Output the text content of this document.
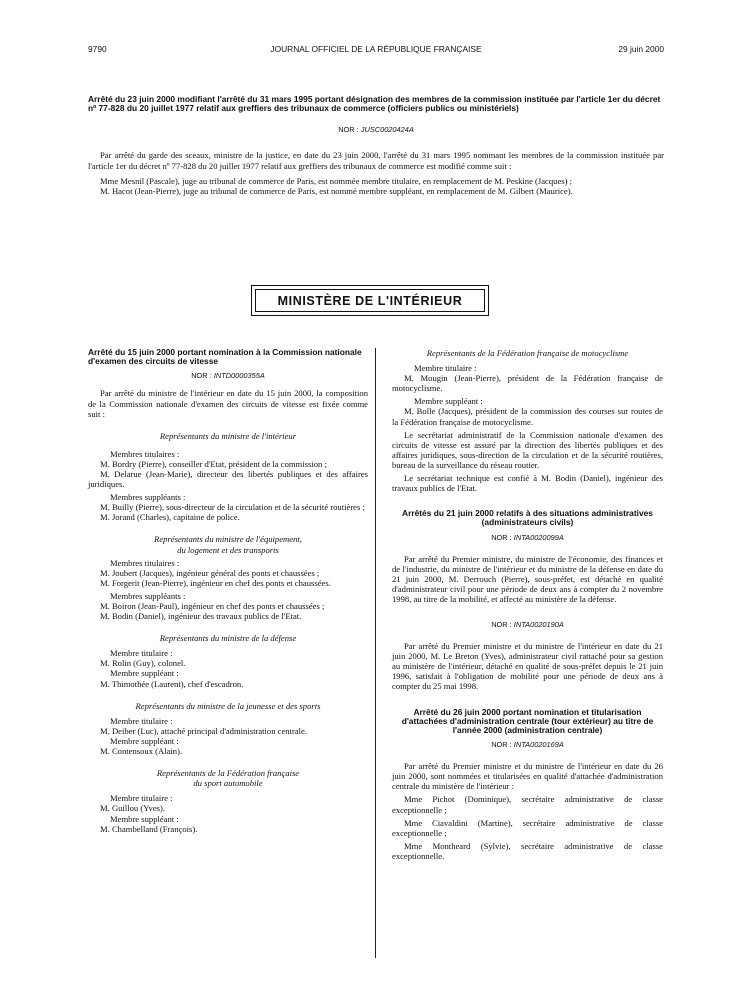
9790	JOURNAL OFFICIEL DE LA RÉPUBLIQUE FRANÇAISE	29 juin 2000
Arrêté du 23 juin 2000 modifiant l'arrêté du 31 mars 1995 portant désignation des membres de la commission instituée par l'article 1er du décret nº 77-828 du 20 juillet 1977 relatif aux greffiers des tribunaux de commerce (officiers publics ou ministériels)
NOR : JUSC0020424A

Par arrêté du garde des sceaux, ministre de la justice, en date du 23 juin 2000, l'arrêté du 31 mars 1995 nommant les membres de la commission instituée par l'article 1er du décret nº 77-828 du 20 juillet 1977 relatif aux greffiers des tribunaux de commerce est modifié comme suit :

Mme Mesnil (Pascale), juge au tribunal de commerce de Paris, est nommée membre titulaire, en remplacement de M. Peskine (Jacques) ;

M. Hacot (Jean-Pierre), juge au tribunal de commerce de Paris, est nommé membre suppléant, en remplacement de M. Gilbert (Maurice).

MINISTÈRE DE L'INTÉRIEUR
Arrêté du 15 juin 2000 portant nomination à la Commission nationale d'examen des circuits de vitesse
NOR : INTD0000355A

Par arrêté du ministre de l'intérieur en date du 15 juin 2000, la composition de la Commission nationale d'examen des circuits de vitesse est fixée comme suit :

Représentants du ministre de l'intérieur

Membres titulaires :

M. Bordry (Pierre), conseiller d'Etat, président de la commission ;

M. Delarue (Jean-Marie), directeur des libertés publiques et des affaires juridiques.

Membres suppléants :

M. Builly (Pierre), sous-directeur de la circulation et de la sécurité routières ;

M. Jorand (Charles), capitaine de police.

Représentants du ministre de l'équipement,
du logement et des transports

Membres titulaires :

M. Joubert (Jacques), ingénieur général des ponts et chaussées ;

M. Forgerit (Jean-Pierre), ingénieur en chef des ponts et chaussées.

Membres suppléants :

M. Boiron (Jean-Paul), ingénieur en chef des ponts et chaussées ;

M. Bodin (Daniel), ingénieur des travaux publics de l'Etat.

Représentants du ministre de la défense

Membre titulaire :

M. Rolin (Guy), colonel.

Membre suppléant :

M. Thimothée (Laurent), chef d'escadron.

Représentants du ministre de la jeunesse et des sports

Membre titulaire :

M. Deiber (Luc), attaché principal d'administration centrale.

Membre suppléant :

M. Contensoux (Alain).

Représentants de la Fédération française
du sport automobile

Membre titulaire :

M. Guillou (Yves).

Membre suppléant :

M. Chambelland (François).

Représentants de la Fédération française de motocyclisme

Membre titulaire :

M. Mougin (Jean-Pierre), président de la Fédération française de motocyclisme.

Membre suppléant :

M. Bolle (Jacques), président de la commission des courses sur routes de la Fédération française de motocyclisme.

Le secrétariat administratif de la Commission nationale d'examen des circuits de vitesse est assuré par la direction des libertés publiques et des affaires juridiques, sous-direction de la circulation et de la sécurité routières, bureau de la surveillance du réseau routier.

Le secrétariat technique est confié à M. Bodin (Daniel), ingénieur des travaux publics de l'Etat.

Arrêtés du 21 juin 2000 relatifs à des situations administratives (administrateurs civils)
NOR : INTA0020099A

Par arrêté du Premier ministre, du ministre de l'économie, des finances et de l'industrie, du ministre de l'intérieur et du ministre de la défense en date du 21 juin 2000, M. Derrouch (Pierre), sous-préfet, est détaché en qualité d'administrateur civil pour une période de deux ans à compter du 2 novembre 1998, au titre de la mobilité, et affecté au ministère de la défense.

NOR : INTA0020190A

Par arrêté du Premier ministre et du ministre de l'intérieur en date du 21 juin 2000, M. Le Breton (Yves), administrateur civil rattaché pour sa gestion au ministère de l'intérieur, détaché en qualité de sous-préfet depuis le 21 juin 1996, satisfait à l'obligation de mobilité pour une période de deux ans à compter du 25 mai 1998.

Arrêté du 26 juin 2000 portant nomination et titularisation d'attachées d'administration centrale (tour extérieur) au titre de l'année 2000 (administration centrale)
NOR : INTA0020169A

Par arrêté du Premier ministre et du ministre de l'intérieur en date du 26 juin 2000, sont nommées et titularisées en qualité d'attachée d'administration centrale du ministère de l'intérieur :

Mme Pichot (Dominique), secrétaire administrative de classe exceptionnelle ;

Mme Ciavaldini (Martine), secrétaire administrative de classe exceptionnelle ;

Mme Montheard (Sylvie), secrétaire administrative de classe exceptionnelle.
